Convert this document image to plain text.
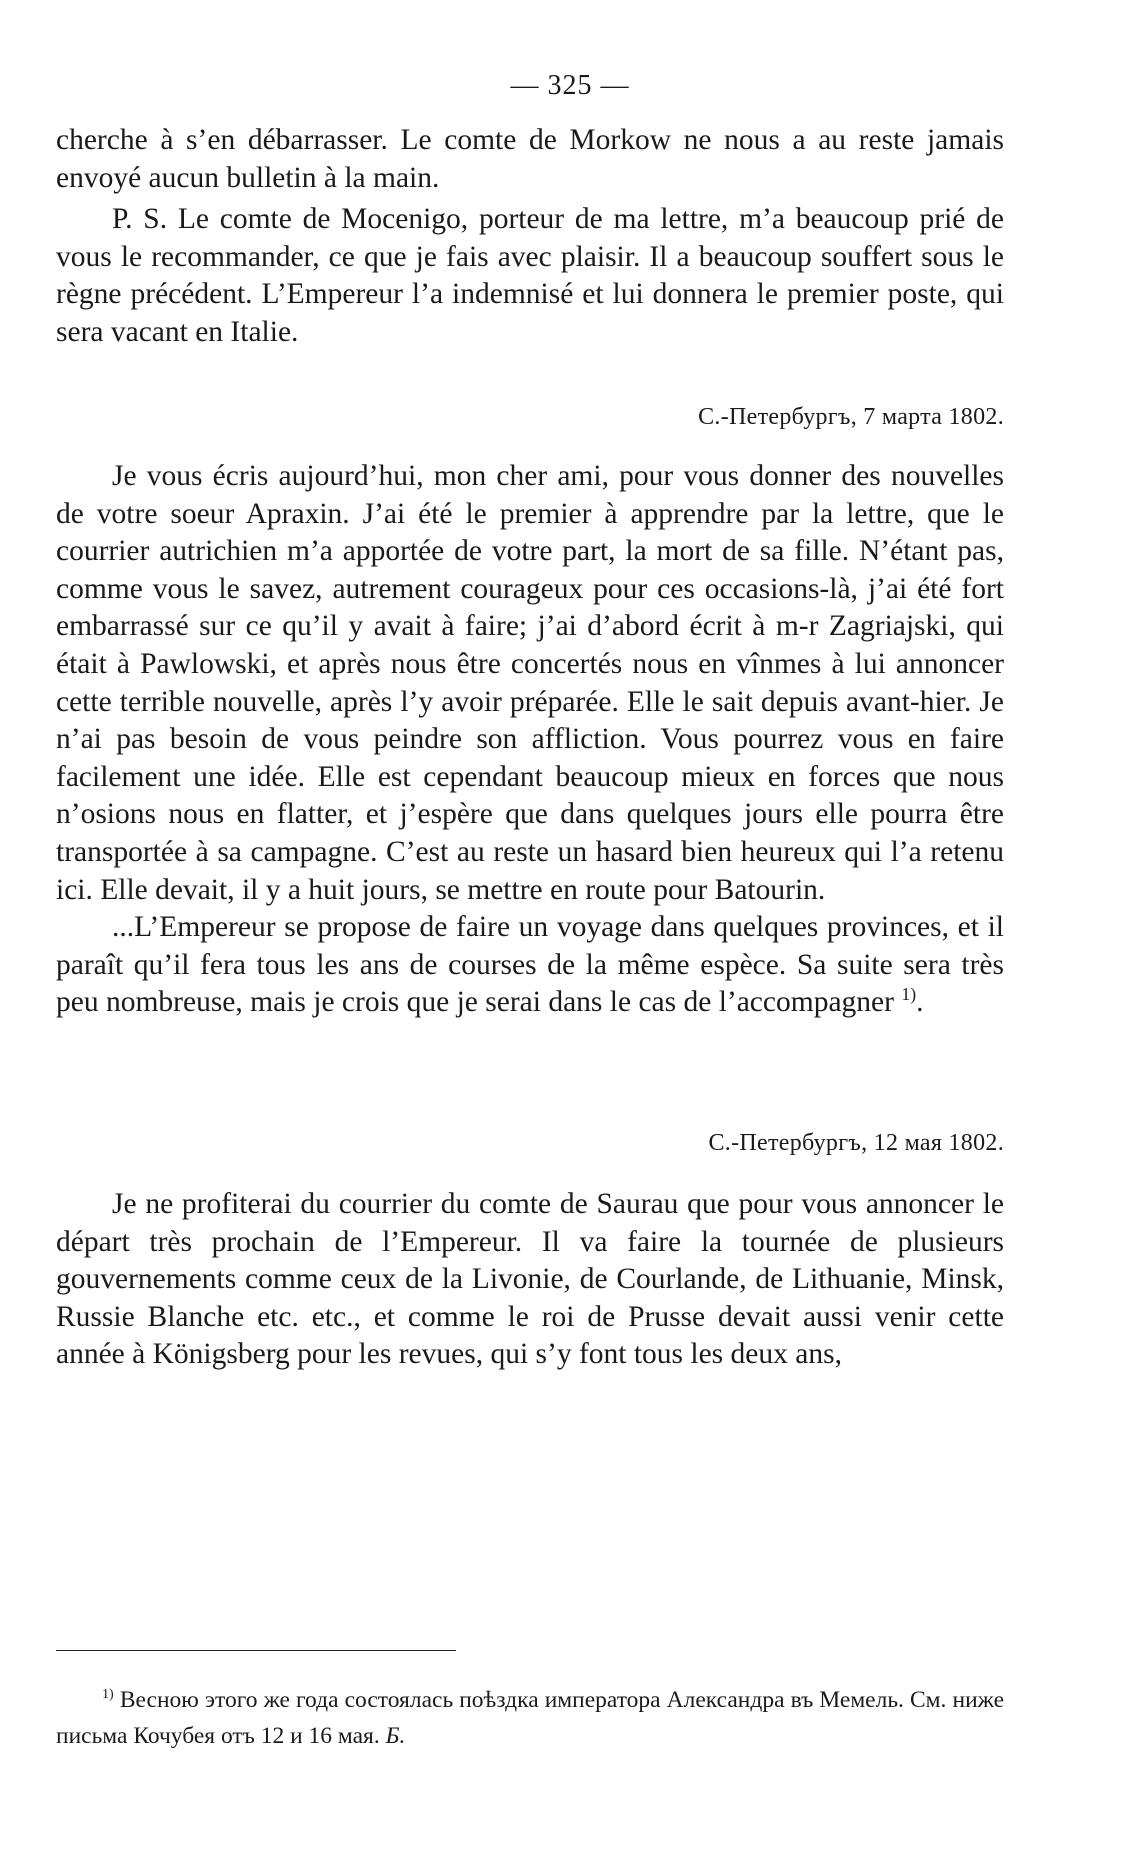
— 325 —

cherche à s’en débarrasser. Le comte de Morkow ne nous a au reste jamais envoyé aucun bulletin à la main.

P. S. Le comte de Mocenigo, porteur de ma lettre, m’a beaucoup prié de vous le recommander, ce que je fais avec plaisir. Il a beaucoup souffert sous le règne précédent. L’Empereur l’a indemnisé et lui donnera le premier poste, qui sera vacant en Italie.

С.-Петербургъ, 7 марта 1802.

Je vous écris aujourd’hui, mon cher ami, pour vous donner des nouvelles de votre soeur Apraxin. J’ai été le premier à apprendre par la lettre, que le courrier autrichien m’a apportée de votre part, la mort de sa fille. N’étant pas, comme vous le savez, autrement courageux pour ces occasions-là, j’ai été fort embarrassé sur ce qu’il y avait à faire; j’ai d’abord écrit à m-r Zagriajski, qui était à Pawlowski, et après nous être concertés nous en vînmes à lui annoncer cette terrible nouvelle, après l’y avoir préparée. Elle le sait depuis avant-hier. Je n’ai pas besoin de vous peindre son affliction. Vous pourrez vous en faire facilement une idée. Elle est cependant beaucoup mieux en forces que nous n’osions nous en flatter, et j’espère que dans quelques jours elle pourra être transportée à sa campagne. C’est au reste un hasard bien heureux qui l’a retenu ici. Elle devait, il y a huit jours, se mettre en route pour Batourin.

...L’Empereur se propose de faire un voyage dans quelques provinces, et il paraît qu’il fera tous les ans de courses de la même espèce. Sa suite sera très peu nombreuse, mais je crois que je serai dans le cas de l’accompagner $^{1)}$.

С.-Петербургъ, 12 мая 1802.

Je ne profiterai du courrier du comte de Saurau que pour vous annoncer le départ très prochain de l’Empereur. Il va faire la tournée de plusieurs gouvernements comme ceux de la Livonie, de Courlande, de Lithuanie, Minsk, Russie Blanche etc. etc., et comme le roi de Prusse devait aussi venir cette année à Königsberg pour les revues, qui s’y font tous les deux ans,

$^{1)}$ Весною этого же года состоялась поѣздка императора Александра въ Мемель. См. ниже письма Кочубея отъ 12 и 16 мая. Б.
